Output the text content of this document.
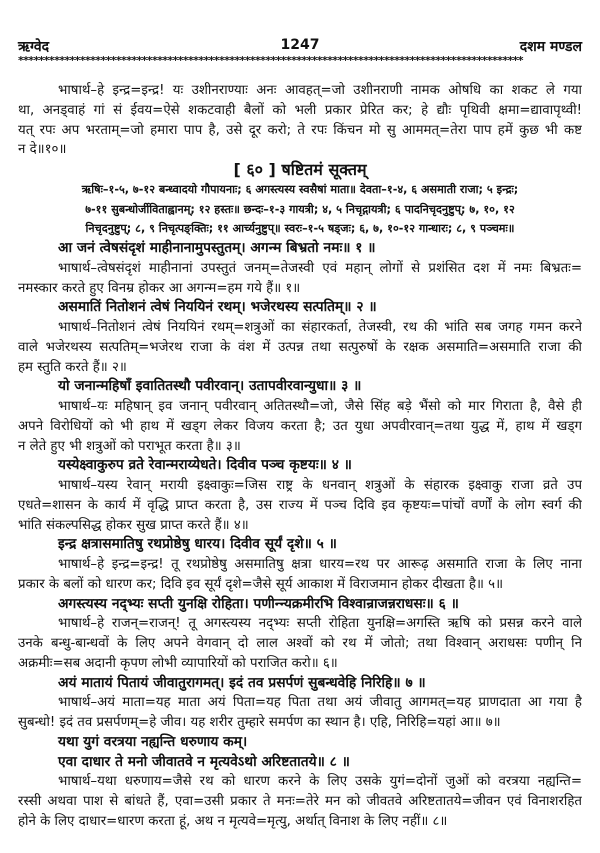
1247
ऋग्वेद	दशम मण्डल
**************************************************************************************************
भाषार्थ–हे इन्द्र=इन्द्र! यः उशीनराण्याः अनः आवहत्=जो उशीनराणी नामक ओषधि का शकट ले गया
था, अनड्वाहं गां सं ईवय=ऐसे शकटवाही बैलों को भली प्रकार प्रेरित कर; हे द्यौः पृथिवी क्षमा=द्यावापृथ्वी!
यत् रपः अप भरताम्=जो हमारा पाप है, उसे दूर करो; ते रपः किंचन मो सु आममत्=तेरा पाप हमें कुछ भी कष्ट
न दे॥१०॥
[ ६० ] षष्टितमं सूक्तम्
ऋषिः–१-५, ७-१२ बन्ध्वादयो गौपायनाः; ६ अगस्त्यस्य स्वसैषां माता॥ देवता–१-४, ६ असमाती राजा; ५ इन्द्रः;
७-११ सुबन्धोर्जीविताह्वानम्; १२ हस्तः॥ छन्दः–१-३ गायत्री; ४, ५ निचृद्गायत्री; ६ पादनिचृदनुष्टुप्; ७, १०, १२
निचृदनुष्टुप्; ८, ९ निचृत्पङ्क्तिः; ११ आर्च्यनुष्टुप्॥ स्वरः–१-५ षड्जः; ६, ७, १०-१२ गान्धारः; ८, ९ पञ्चमः॥
आ जनं त्वेषसंदृशं माहीनानामुपस्तुतम्। अगन्म बिभ्रतो नमः॥ १ ॥
भाषार्थ–त्वेषसंदृशं माहीनानां उपस्तुतं जनम्=तेजस्वी एवं महान् लोगों से प्रशंसित दश में नमः बिभ्रतः=
नमस्कार करते हुए विनम्र होकर आ अगन्म=हम गये हैं॥ १॥
असमातिं नितोशनं त्वेषं निययिनं रथम्। भजेरथस्य सत्पतिम्॥ २ ॥
भाषार्थ–नितोशनं त्वेषं निययिनं रथम्=शत्रुओं का संहारकर्ता, तेजस्वी, रथ की भांति सब जगह गमन करने
वाले भजेरथस्य सत्पतिम्=भजेरथ राजा के वंश में उत्पन्न तथा सत्पुरुषों के रक्षक असमाति=असमाति राजा की
हम स्तुति करते हैं॥ २॥
यो जनान्महिषाँ इवातितस्थौ पवीरवान्। उतापवीरवान्युधा॥ ३ ॥
भाषार्थ–यः महिषान् इव जनान् पवीरवान् अतितस्थौ=जो, जैसे सिंह बड़े भैंसो को मार गिराता है, वैसे ही
अपने विरोधियों को भी हाथ में खड्ग लेकर विजय करता है; उत युधा अपवीरवान्=तथा युद्ध में, हाथ में खड्ग
न लेते हुए भी शत्रुओं को पराभूत करता है॥ ३॥
यस्येक्ष्वाकुरुप व्रते रेवान्मराय्येधते। दिवीव पञ्च कृष्टयः॥ ४ ॥
भाषार्थ–यस्य रेवान् मरायी इक्ष्वाकुः=जिस राष्ट्र के धनवान् शत्रुओं के संहारक इक्ष्वाकु राजा व्रते उप
एधते=शासन के कार्य में वृद्धि प्राप्त करता है, उस राज्य में पञ्च दिवि इव कृष्टयः=पांचों वर्णों के लोग स्वर्ग की
भांति संकल्पसिद्ध होकर सुख प्राप्त करते हैं॥ ४॥
इन्द्र क्षत्रासमातिषु रथप्रोष्ठेषु धारय। दिवीव सूर्यं दृशे॥ ५ ॥
भाषार्थ–हे इन्द्र=इन्द्र! तू रथप्रोष्ठेषु असमातिषु क्षत्रा धारय=रथ पर आरूढ़ असमाति राजा के लिए नाना
प्रकार के बलों को धारण कर; दिवि इव सूर्यं दृशे=जैसे सूर्य आकाश में विराजमान होकर दीखता है॥ ५॥
अगस्त्यस्य नद्भ्यः सप्ती युनक्षि रोहिता। पणीन्न्यक्रमीरभि विश्वान्राजन्नराधसः॥ ६ ॥
भाषार्थ–हे राजन्=राजन्! तू अगस्त्यस्य नद्भ्यः सप्ती रोहिता युनक्षि=अगस्ति ऋषि को प्रसन्न करने वाले
उनके बन्धु-बान्धवों के लिए अपने वेगवान् दो लाल अश्वों को रथ में जोतो; तथा विश्वान् अराधसः पणीन् नि
अक्रमीः=सब अदानी कृपण लोभी व्यापारियों को पराजित करो॥ ६॥
अयं मातायं पितायं जीवातुरागमत्। इदं तव प्रसर्पणं सुबन्धवेहि निरिहि॥ ७ ॥
भाषार्थ–अयं माता=यह माता अयं पिता=यह पिता तथा अयं जीवातु आगमत्=यह प्राणदाता आ गया है
सुबन्धो! इदं तव प्रसर्पणम्=हे जीव। यह शरीर तुम्हारे समर्पण का स्थान है। एहि, निरिहि=यहां आ॥ ७॥
यथा युगं वरत्रया नह्यन्ति धरुणाय कम्।
एवा दाधार ते मनो जीवातवे न मृत्यवेऽथो अरिष्टतातये॥ ८ ॥
भाषार्थ–यथा धरुणाय=जैसे रथ को धारण करने के लिए उसके युगं=दोनों जुओं को वरत्रया नह्यन्ति=
रस्सी अथवा पाश से बांधते हैं, एवा=उसी प्रकार ते मनः=तेरे मन को जीवतवे अरिष्टतातये=जीवन एवं विनाशरहित
होने के लिए दाधार=धारण करता हूं, अथ न मृत्यवे=मृत्यु, अर्थात् विनाश के लिए नहीं॥ ८॥
